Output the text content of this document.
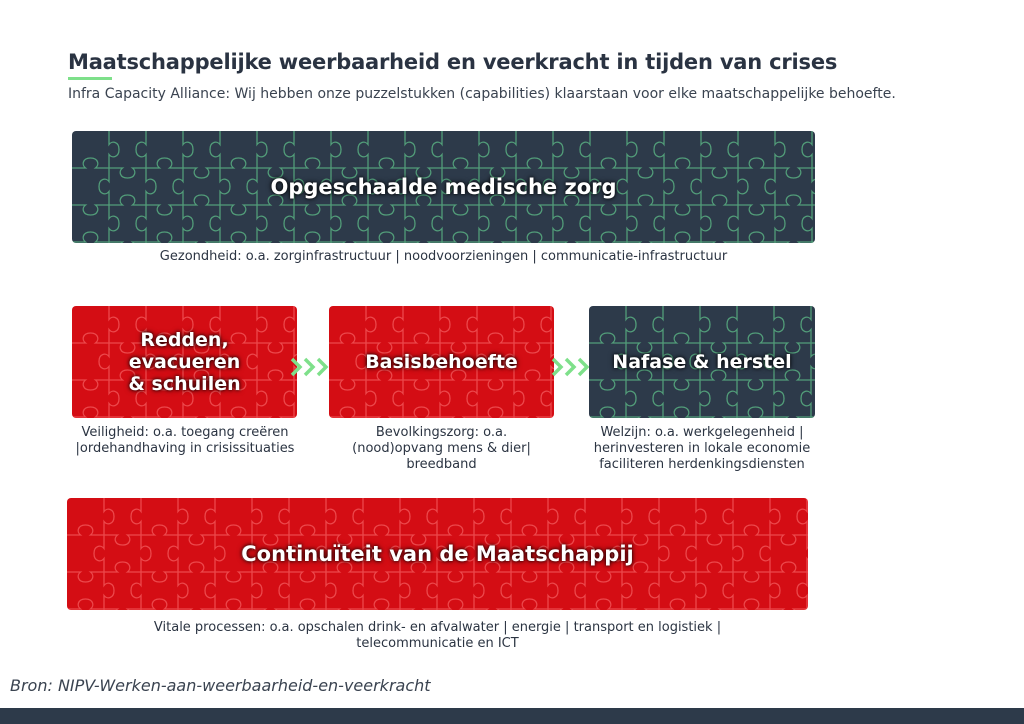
Maatschappelijke weerbaarheid en veerkracht in tijden van crises
Infra Capacity Alliance: Wij hebben onze puzzelstukken (capabilities) klaarstaan voor elke maatschappelijke behoefte.
Opgeschaalde medische zorg
Gezondheid: o.a. zorginfrastructuur | noodvoorzieningen | communicatie-infrastructuur
Redden,
evacueren
& schuilen
Veiligheid: o.a. toegang creëren
|ordehandhaving in crisissituaties
Basisbehoefte
Bevolkingszorg: o.a.
(nood)opvang mens & dier|
breedband
Nafase & herstel
Welzijn: o.a. werkgelegenheid |
herinvesteren in lokale economie
faciliteren herdenkingsdiensten
Continuïteit van de Maatschappij
Vitale processen: o.a. opschalen drink- en afvalwater | energie | transport en logistiek |
telecommunicatie en ICT
Bron: NIPV-Werken-aan-weerbaarheid-en-veerkracht
